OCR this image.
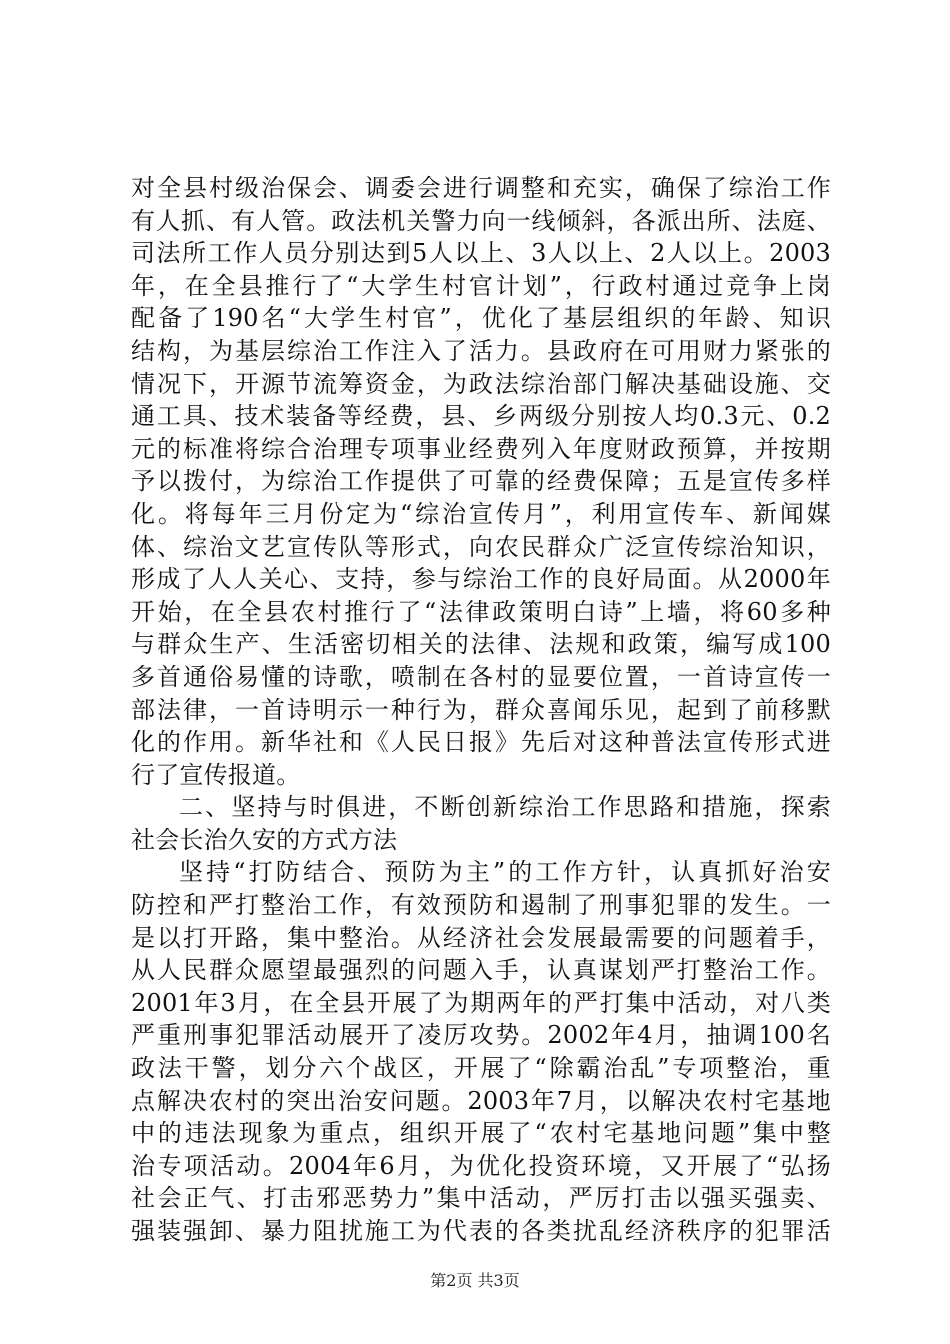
对全县村级治保会、调委会进行调整和充实，确保了综治工作
有人抓、有人管。政法机关警力向一线倾斜，各派出所、法庭、
司法所工作人员分别达到5人以上、3人以上、2人以上。2003
年，在全县推行了“大学生村官计划”，行政村通过竞争上岗
配备了190名“大学生村官”，优化了基层组织的年龄、知识
结构，为基层综治工作注入了活力。县政府在可用财力紧张的
情况下，开源节流筹资金，为政法综治部门解决基础设施、交
通工具、技术装备等经费，县、乡两级分别按人均0.3元、0.2
元的标准将综合治理专项事业经费列入年度财政预算，并按期
予以拨付，为综治工作提供了可靠的经费保障；五是宣传多样
化。将每年三月份定为“综治宣传月”，利用宣传车、新闻媒
体、综治文艺宣传队等形式，向农民群众广泛宣传综治知识，
形成了人人关心、支持，参与综治工作的良好局面。从2000年
开始，在全县农村推行了“法律政策明白诗”上墙，将60多种
与群众生产、生活密切相关的法律、法规和政策，编写成100
多首通俗易懂的诗歌，喷制在各村的显要位置，一首诗宣传一
部法律，一首诗明示一种行为，群众喜闻乐见，起到了前移默
化的作用。新华社和《人民日报》先后对这种普法宣传形式进
行了宣传报道。
二、坚持与时俱进，不断创新综治工作思路和措施，探索
社会长治久安的方式方法
坚持“打防结合、预防为主”的工作方针，认真抓好治安
防控和严打整治工作，有效预防和遏制了刑事犯罪的发生。一
是以打开路，集中整治。从经济社会发展最需要的问题着手，
从人民群众愿望最强烈的问题入手，认真谋划严打整治工作。
2001年3月，在全县开展了为期两年的严打集中活动，对八类
严重刑事犯罪活动展开了凌厉攻势。2002年4月，抽调100名
政法干警，划分六个战区，开展了“除霸治乱”专项整治，重
点解决农村的突出治安问题。2003年7月，以解决农村宅基地
中的违法现象为重点，组织开展了“农村宅基地问题”集中整
治专项活动。2004年6月，为优化投资环境，又开展了“弘扬
社会正气、打击邪恶势力”集中活动，严厉打击以强买强卖、
强装强卸、暴力阻扰施工为代表的各类扰乱经济秩序的犯罪活
第2页 共3页
